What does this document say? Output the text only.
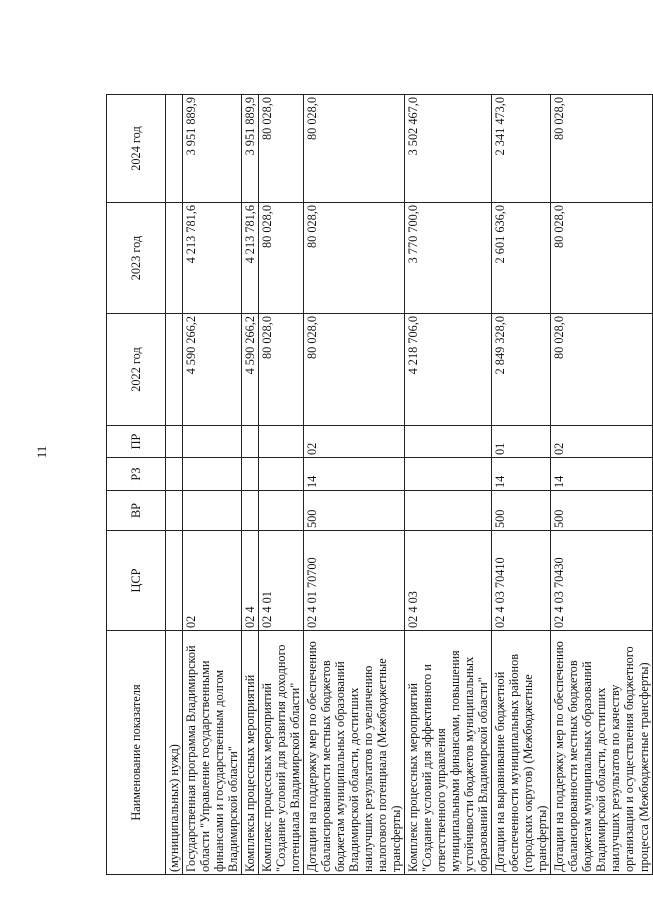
11
Наименование показателя	ЦСР	ВР	РЗ	ПР	2022 год	2023 год	2024 год
(муниципальных) нужд)							
Государственная программа Владимирской области "Управление государственными финансами и государственным долгом Владимирской области"	02				4 590 266,2	4 213 781,6	3 951 889,9
Комплексы процессных мероприятий	02 4				4 590 266,2	4 213 781,6	3 951 889,9
Комплекс процессных мероприятий "Создание условий для развития доходного потенциала Владимирской области"	02 4 01				80 028,0	80 028,0	80 028,0
Дотации на поддержку мер по обеспечению сбалансированности местных бюджетов бюджетам муниципальных образований Владимирской области, достигших наилучших результатов по увеличению налогового потенциала (Межбюджетные трансферты)	02 4 01 70700	500	14	02	80 028,0	80 028,0	80 028,0
Комплекс процессных мероприятий "Создание условий для эффективного и ответственного управления муниципальными финансами, повышения устойчивости бюджетов муниципальных образований Владимирской области"	02 4 03				4 218 706,0	3 770 700,0	3 502 467,0
Дотации на выравнивание бюджетной обеспеченности муниципальных районов (городских округов) (Межбюджетные трансферты)	02 4 03 70410	500	14	01	2 849 328,0	2 601 636,0	2 341 473,0
Дотации на поддержку мер по обеспечению сбалансированности местных бюджетов бюджетам муниципальных образований Владимирской области, достигших наилучших результатов по качеству организации и осуществления бюджетного процесса (Межбюджетные трансферты)	02 4 03 70430	500	14	02	80 028,0	80 028,0	80 028,0
